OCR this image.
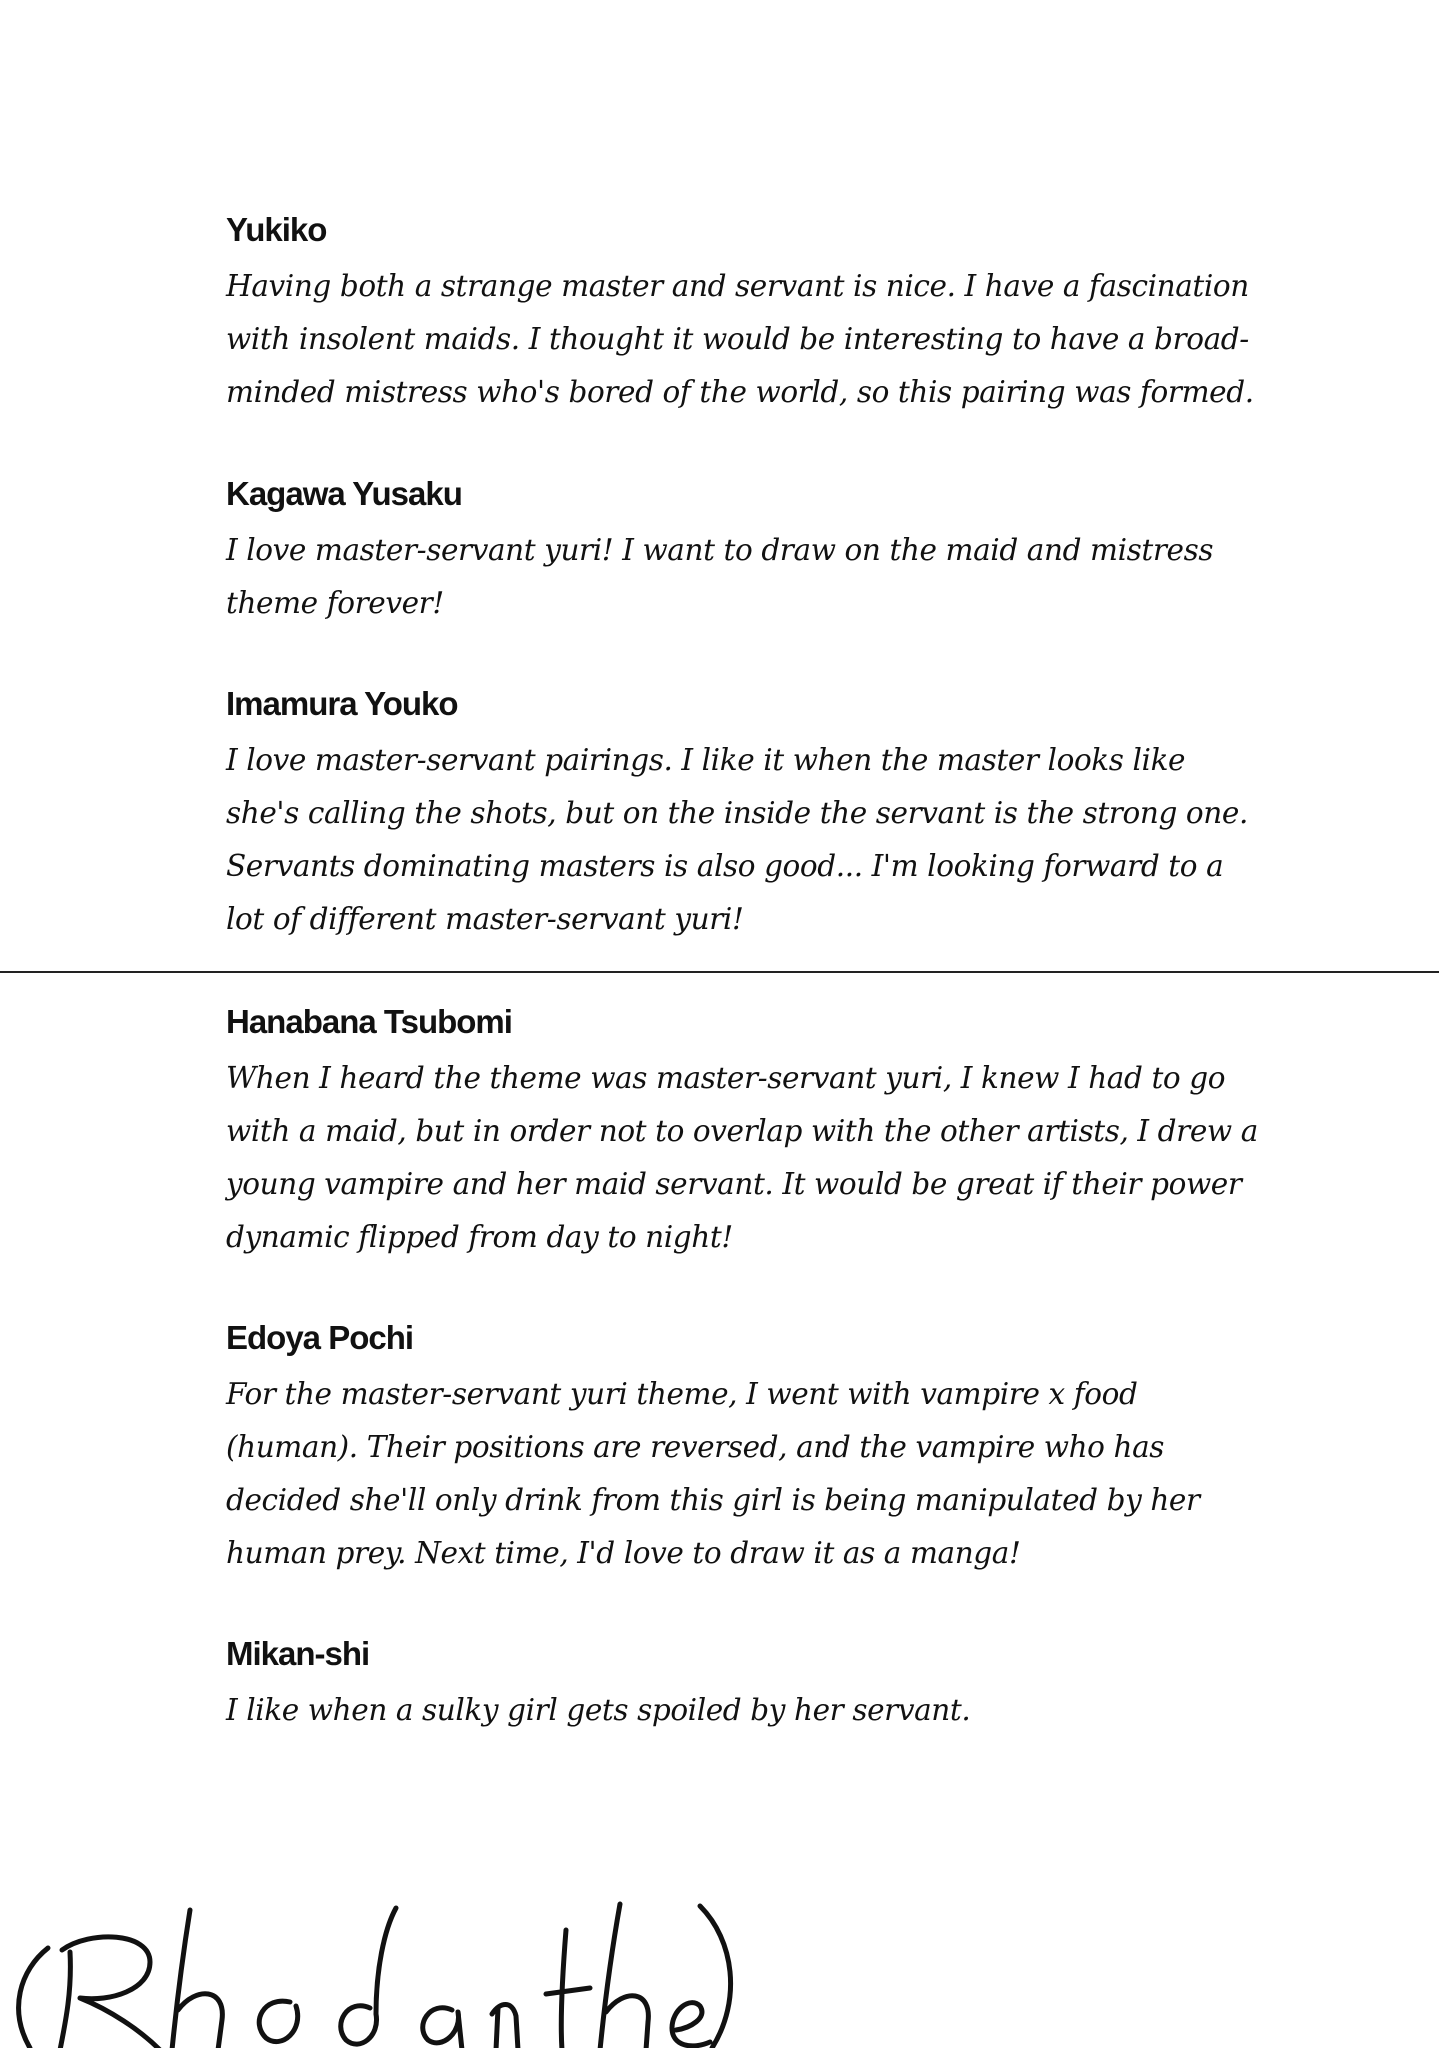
Yukiko

Having both a strange master and servant is nice. I have a fascination with insolent maids. I thought it would be interesting to have a broad-minded mistress who's bored of the world, so this pairing was formed.

Kagawa Yusaku

I love master-servant yuri! I want to draw on the maid and mistress theme forever!

Imamura Youko

I love master-servant pairings. I like it when the master looks like she's calling the shots, but on the inside the servant is the strong one. Servants dominating masters is also good... I'm looking forward to a lot of different master-servant yuri!

Hanabana Tsubomi

When I heard the theme was master-servant yuri, I knew I had to go with a maid, but in order not to overlap with the other artists, I drew a young vampire and her maid servant. It would be great if their power dynamic flipped from day to night!

Edoya Pochi

For the master-servant yuri theme, I went with vampire x food (human). Their positions are reversed, and the vampire who has decided she'll only drink from this girl is being manipulated by her human prey. Next time, I'd love to draw it as a manga!

Mikan-shi

I like when a sulky girl gets spoiled by her servant.
